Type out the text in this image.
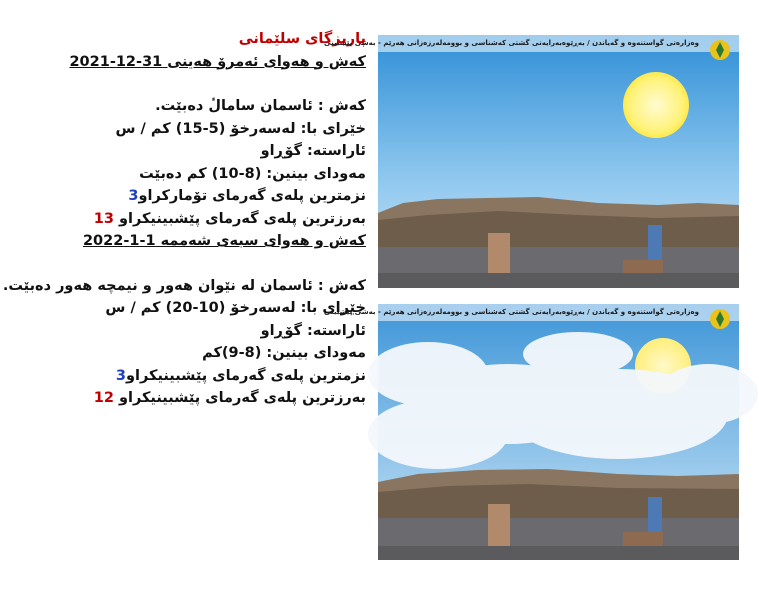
پاریزگای سلێمانی
کەش و هەوای ئەمرۆ هەینی 31-12-2021
کەش : ئاسمان سامالٔ دەبێت.
خێرای با: لەسەرخۆ (5-15) کم / س
ئاراستە: گۆڕاو
مەودای بینین: (8-10) کم دەبێت
نزمترین پلەی گەرمای تۆمارکراو3
بەرزترین پلەی گەرمای پێشبینیکراو 13
کەش و هەوای سبەی شەممە 1-1-2022
کەش : ئاسمان لە نێوان هەور و نیمچە هەور دەبێت.
خێرای با: لەسەرخۆ (10-20) کم / س
ئاراستە: گۆڕاو
مەودای بینین: (8-9)کم
نزمترین پلەی گەرمای پێشبینیکراو3
بەرزترین پلەی گەرمای پێشبینیکراو 12
وەزارەتی گواستنەوە و گەیاندن / بەڕێوەبەرایەتی گشتی کەشناسی و بوومەلەرزەزانی هەرێم - بەشی پێشبینی
وەزارەتی گواستنەوە و گەیاندن / بەڕێوەبەرایەتی گشتی کەشناسی و بوومەلەرزەزانی هەرێم - بەشی پێشبینی
